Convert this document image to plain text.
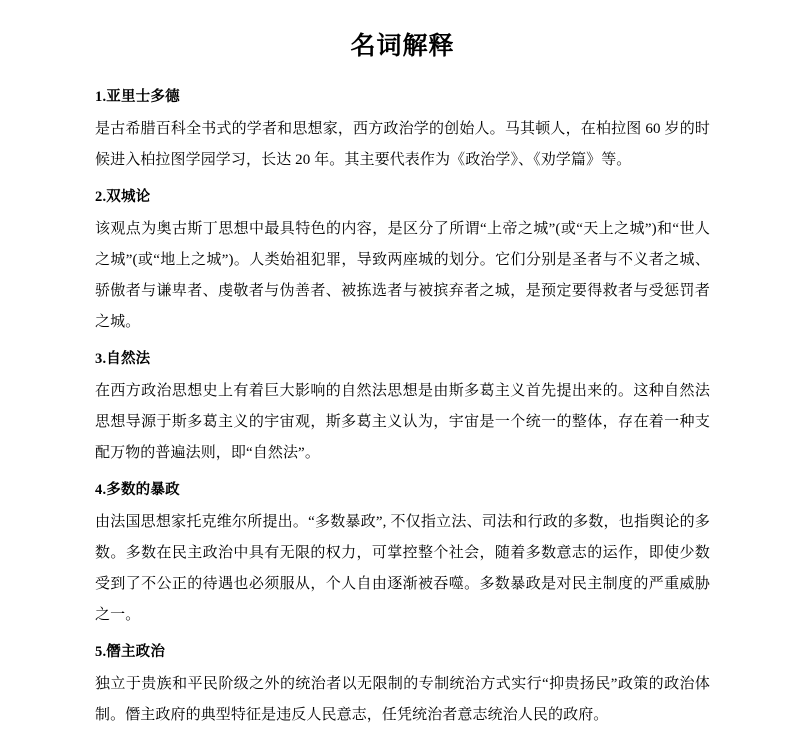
名词解释
1.亚里士多德
是古希腊百科全书式的学者和思想家，西方政治学的创始人。马其顿人，在柏拉图 60 岁的时候进入柏拉图学园学习，长达 20 年。其主要代表作为《政治学》、《劝学篇》等。
2.双城论
该观点为奥古斯丁思想中最具特色的内容，是区分了所谓“上帝之城”(或“天上之城”)和“世人之城”(或“地上之城”)。人类始祖犯罪，导致两座城的划分。它们分别是圣者与不义者之城、骄傲者与谦卑者、虔敬者与伪善者、被拣选者与被摈弃者之城，是预定要得救者与受惩罚者之城。
3.自然法
在西方政治思想史上有着巨大影响的自然法思想是由斯多葛主义首先提出来的。这种自然法思想导源于斯多葛主义的宇宙观，斯多葛主义认为，宇宙是一个统一的整体，存在着一种支配万物的普遍法则，即“自然法”。
4.多数的暴政
由法国思想家托克维尔所提出。“多数暴政”, 不仅指立法、司法和行政的多数，也指舆论的多数。多数在民主政治中具有无限的权力，可掌控整个社会，随着多数意志的运作，即使少数受到了不公正的待遇也必须服从，个人自由逐渐被吞噬。多数暴政是对民主制度的严重威胁之一。
5.僭主政治
独立于贵族和平民阶级之外的统治者以无限制的专制统治方式实行“抑贵扬民”政策的政治体制。僭主政府的典型特征是违反人民意志，任凭统治者意志统治人民的政府。
